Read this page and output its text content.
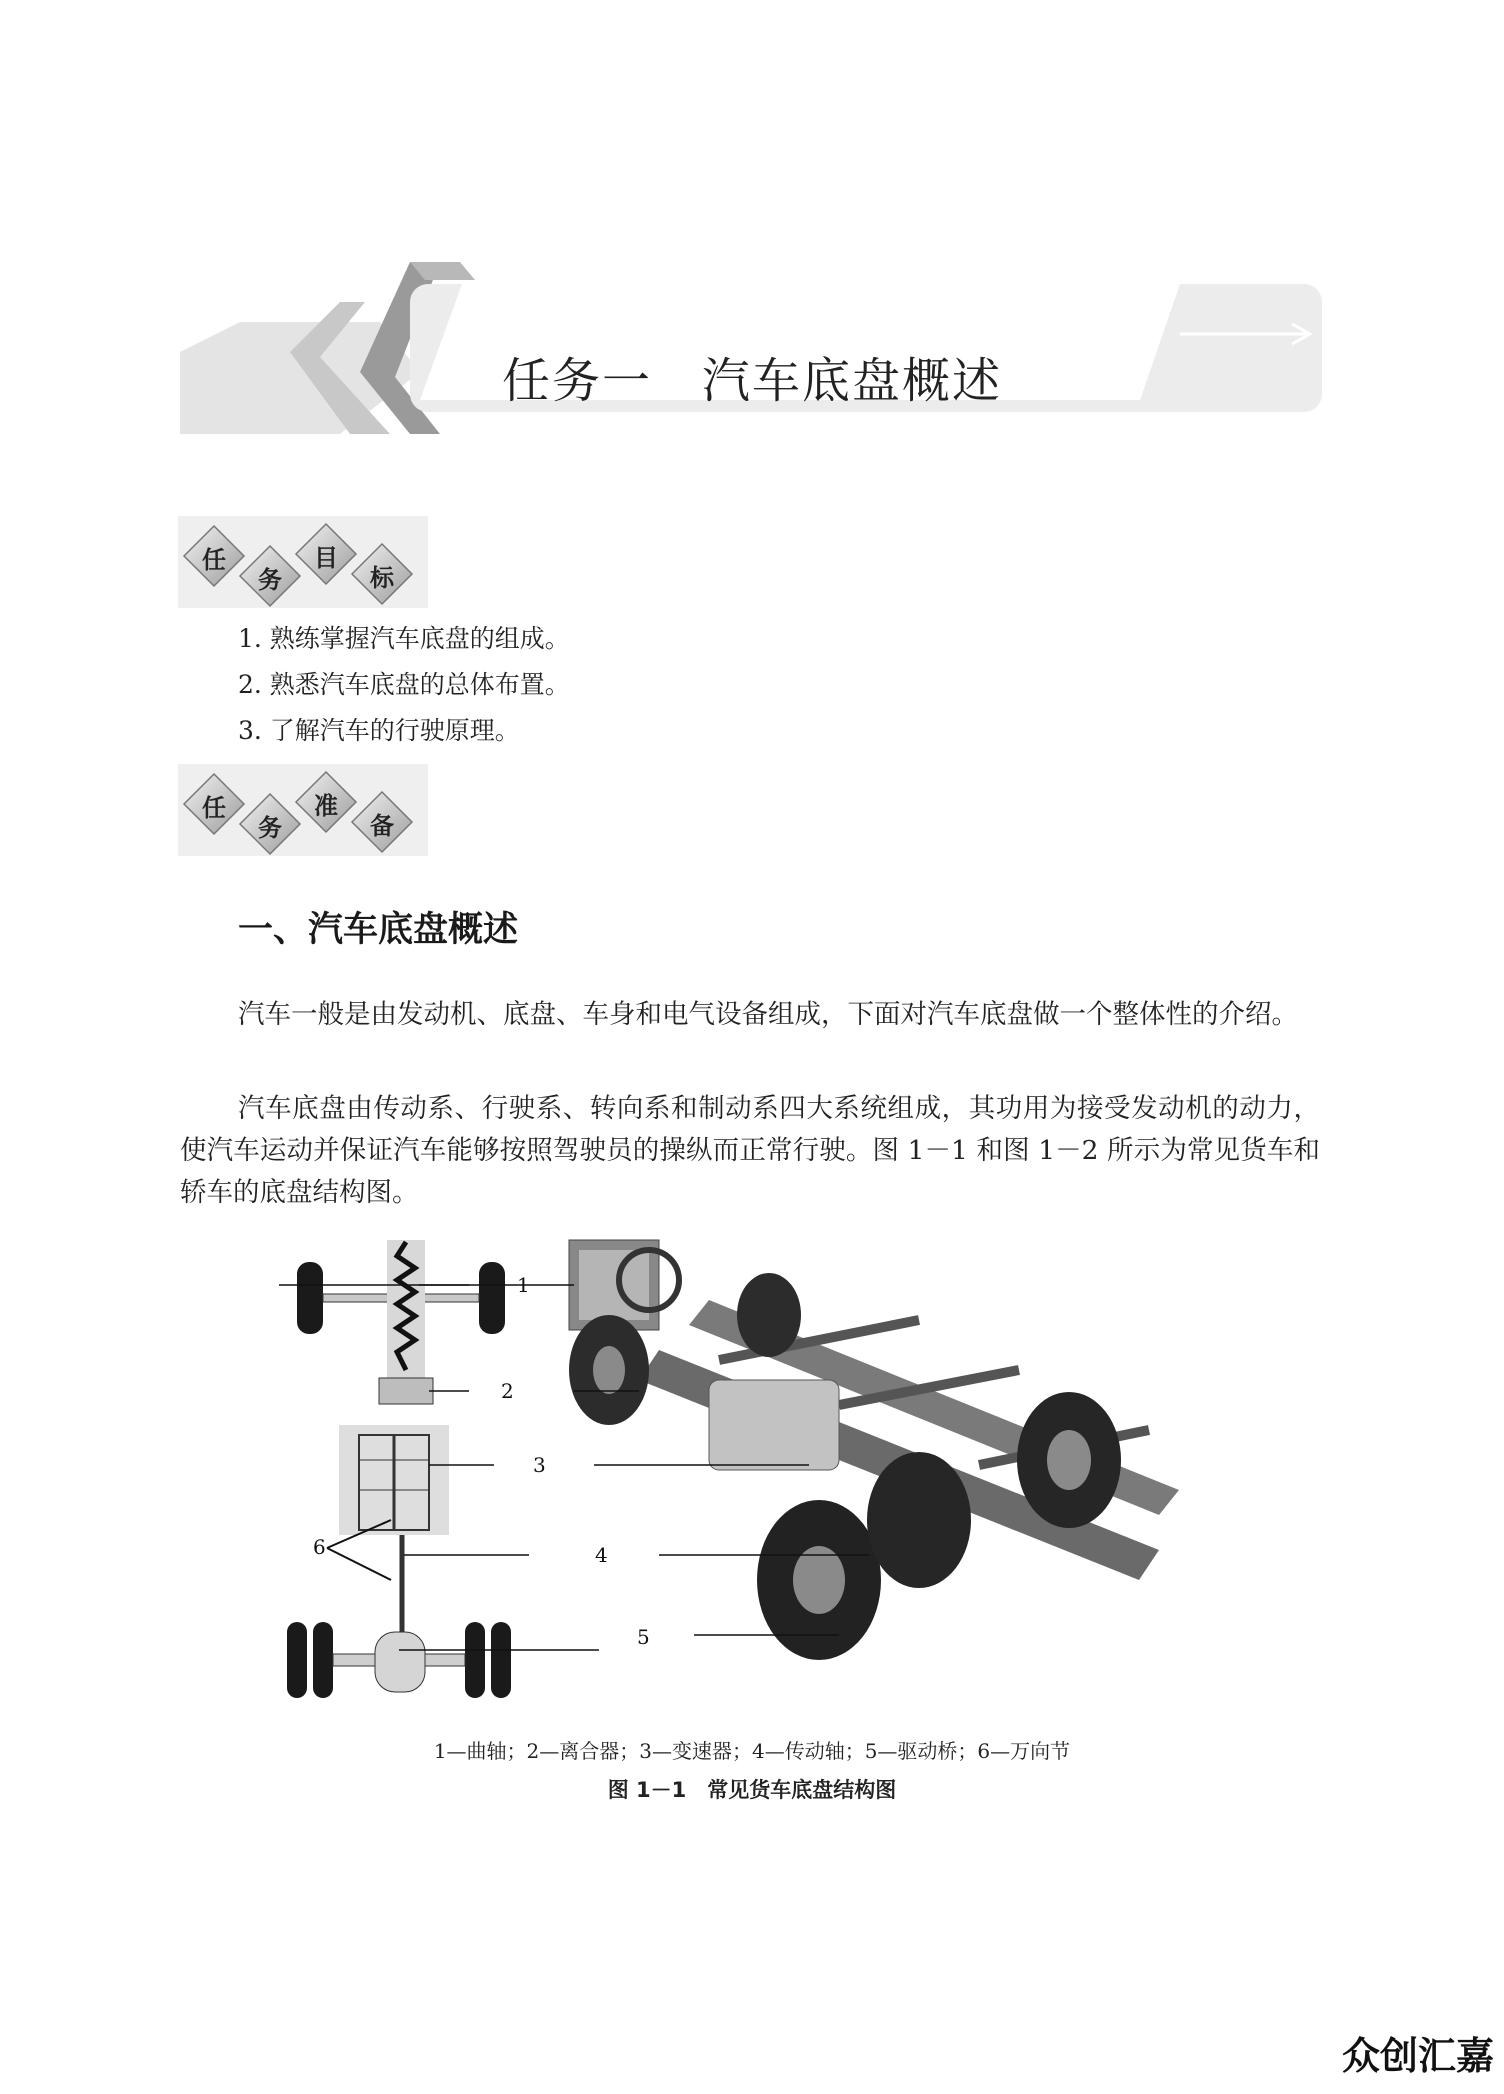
任务一　汽车底盘概述
任
务
目
标
1. 熟练掌握汽车底盘的组成。
2. 熟悉汽车底盘的总体布置。
3. 了解汽车的行驶原理。
任
务
准
备
一、汽车底盘概述

汽车一般是由发动机、底盘、车身和电气设备组成，下面对汽车底盘做一个整体性的介绍。

汽车底盘由传动系、行驶系、转向系和制动系四大系统组成，其功用为接受发动机的动力，使汽车运动并保证汽车能够按照驾驶员的操纵而正常行驶。图 1－1 和图 1－2 所示为常见货车和轿车的底盘结构图。

1
2
3
4
5
6

1—曲轴；2—离合器；3—变速器；4—传动轴；5—驱动桥；6—万向节

图 1－1　常见货车底盘结构图

众创汇嘉
